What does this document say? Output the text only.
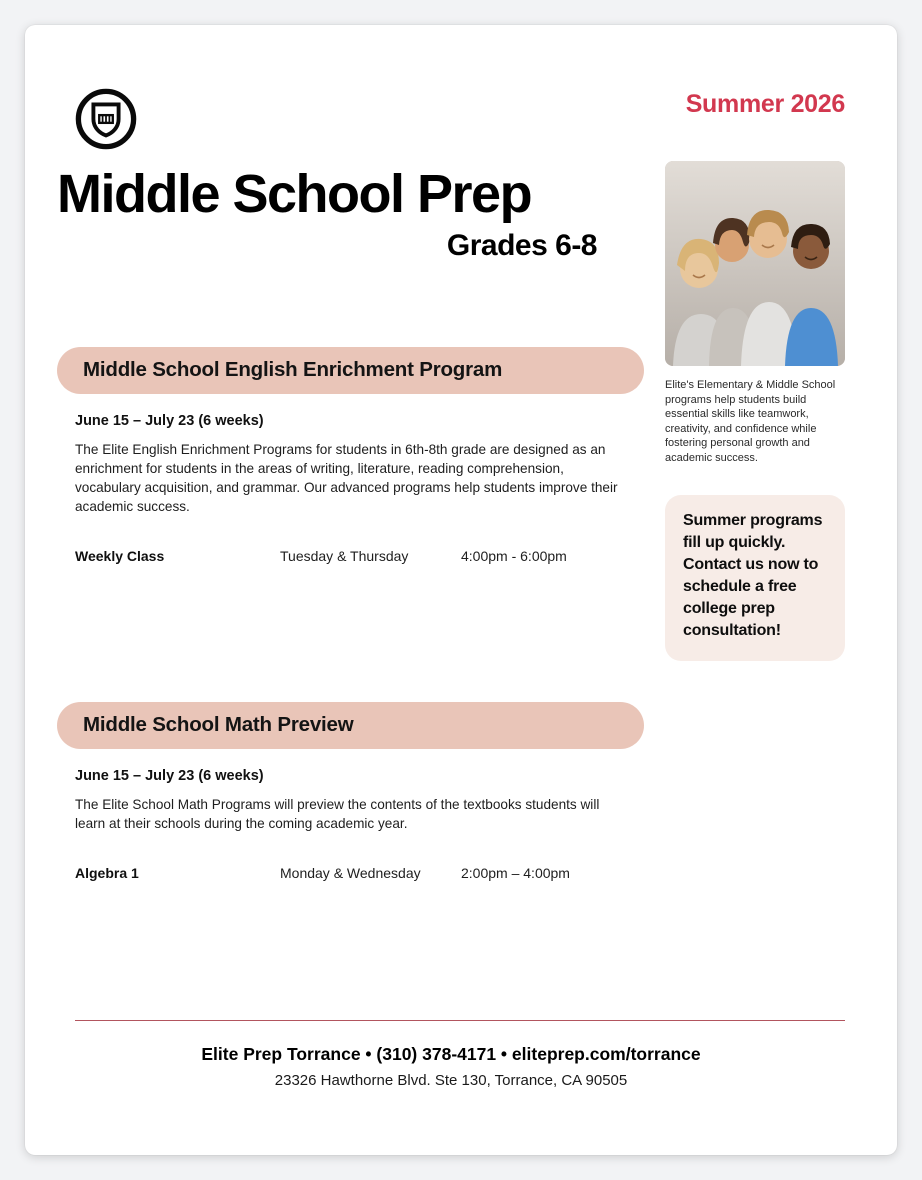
Middle School Prep
Grades 6-8
Middle School English Enrichment Program
June 15 – July 23 (6 weeks)

The Elite English Enrichment Programs for students in 6th-8th grade are designed as an enrichment for students in the areas of writing, literature, reading comprehension, vocabulary acquisition, and grammar. Our advanced programs help students improve their academic success.

Weekly Class	Tuesday & Thursday	4:00pm - 6:00pm
Middle School Math Preview
June 15 – July 23 (6 weeks)

The Elite School Math Programs will preview the contents of the textbooks students will learn at their schools during the coming academic year.

Algebra 1	Monday & Wednesday	2:00pm – 4:00pm
Summer 2026

Elite's Elementary & Middle School programs help students build essential skills like teamwork, creativity, and confidence while fostering personal growth and academic success.

Summer programs fill up quickly. Contact us now to schedule a free college prep consultation!
Elite Prep Torrance • (310) 378-4171 • eliteprep.com/torrance
23326 Hawthorne Blvd. Ste 130, Torrance, CA 90505
